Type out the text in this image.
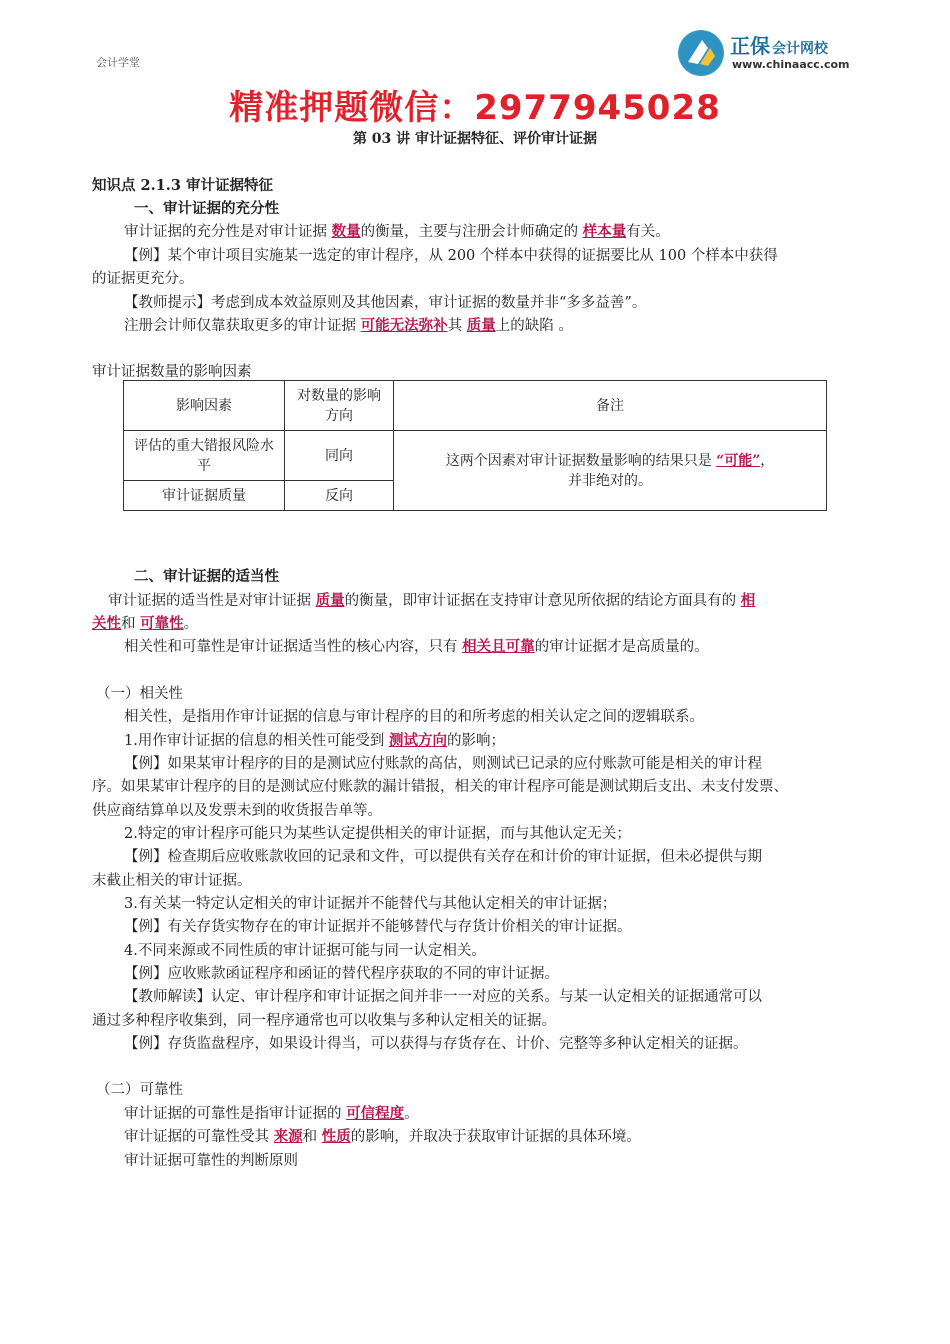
会计学堂
正保 会计网校
www.chinaacc.com
精准押题微信：2977945028
第 03 讲 审计证据特征、评价审计证据
知识点 2.1.3 审计证据特征
一、审计证据的充分性
审计证据的充分性是对审计证据 数量的衡量，主要与注册会计师确定的 样本量有关。
【例】某个审计项目实施某一选定的审计程序，从 200 个样本中获得的证据要比从 100 个样本中获得
的证据更充分。
【教师提示】考虑到成本效益原则及其他因素，审计证据的数量并非“多多益善”。
注册会计师仅靠获取更多的审计证据 可能无法弥补其 质量上的缺陷 。
审计证据数量的影响因素
影响因素	对数量的影响方向	备注
评估的重大错报风险水平	同向	这两个因素对审计证据数量影响的结果只是 “可能”，
并非绝对的。
审计证据质量	反向	
二、审计证据的适当性
审计证据的适当性是对审计证据 质量的衡量，即审计证据在支持审计意见所依据的结论方面具有的 相
关性和 可靠性。
相关性和可靠性是审计证据适当性的核心内容，只有 相关且可靠的审计证据才是高质量的。
（一）相关性
相关性，是指用作审计证据的信息与审计程序的目的和所考虑的相关认定之间的逻辑联系。
1.用作审计证据的信息的相关性可能受到 测试方向的影响；
【例】如果某审计程序的目的是测试应付账款的高估，则测试已记录的应付账款可能是相关的审计程
序。如果某审计程序的目的是测试应付账款的漏计错报，相关的审计程序可能是测试期后支出、未支付发票、
供应商结算单以及发票未到的收货报告单等。
2.特定的审计程序可能只为某些认定提供相关的审计证据，而与其他认定无关；
【例】检查期后应收账款收回的记录和文件，可以提供有关存在和计价的审计证据，但未必提供与期
末截止相关的审计证据。
3.有关某一特定认定相关的审计证据并不能替代与其他认定相关的审计证据；
【例】有关存货实物存在的审计证据并不能够替代与存货计价相关的审计证据。
4.不同来源或不同性质的审计证据可能与同一认定相关。
【例】应收账款函证程序和函证的替代程序获取的不同的审计证据。
【教师解读】认定、审计程序和审计证据之间并非一一对应的关系。与某一认定相关的证据通常可以
通过多种程序收集到，同一程序通常也可以收集与多种认定相关的证据。
【例】存货监盘程序，如果设计得当，可以获得与存货存在、计价、完整等多种认定相关的证据。
（二）可靠性
审计证据的可靠性是指审计证据的 可信程度。
审计证据的可靠性受其 来源和 性质的影响，并取决于获取审计证据的具体环境。
审计证据可靠性的判断原则
